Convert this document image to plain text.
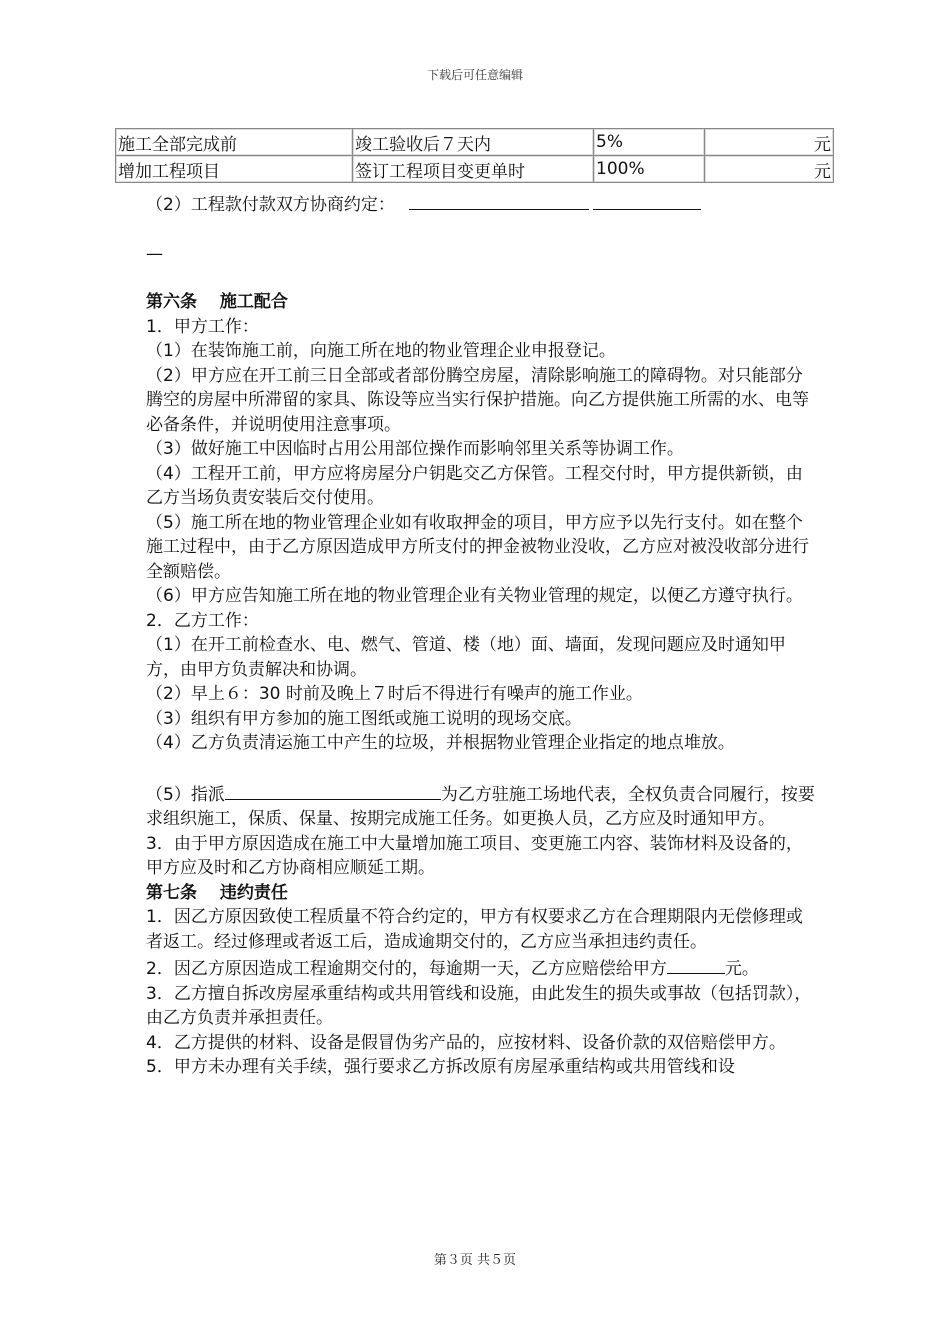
下载后可任意编辑
施工全部完成前	竣工验收后７天内	5%	元
增加工程项目	签订工程项目变更单时	100%	元

（2）工程款付款双方协商约定：

—

第六条　 施工配合

1．甲方工作：

（1）在装饰施工前，向施工所在地的物业管理企业申报登记。

（2）甲方应在开工前三日全部或者部份腾空房屋，清除影响施工的障碍物。对只能部分腾空的房屋中所滞留的家具、陈设等应当实行保护措施。向乙方提供施工所需的水、电等必备条件，并说明使用注意事项。

（3）做好施工中因临时占用公用部位操作而影响邻里关系等协调工作。

（4）工程开工前，甲方应将房屋分户钥匙交乙方保管。工程交付时，甲方提供新锁，由乙方当场负责安装后交付使用。

（5）施工所在地的物业管理企业如有收取押金的项目，甲方应予以先行支付。如在整个施工过程中，由于乙方原因造成甲方所支付的押金被物业没收，乙方应对被没收部分进行全额赔偿。

（6）甲方应告知施工所在地的物业管理企业有关物业管理的规定，以便乙方遵守执行。

2．乙方工作：

（1）在开工前检查水、电、燃气、管道、楼（地）面、墙面，发现问题应及时通知甲方，由甲方负责解决和协调。

（2）早上６：30 时前及晚上７时后不得进行有噪声的施工作业。

（3）组织有甲方参加的施工图纸或施工说明的现场交底。

（4）乙方负责清运施工中产生的垃圾，并根据物业管理企业指定的地点堆放。

（5）指派	为乙方驻施工场地代表，全权负责合同履行，按要求组织施工，保质、保量、按期完成施工任务。如更换人员，乙方应及时通知甲方。

3．由于甲方原因造成在施工中大量增加施工项目、变更施工内容、装饰材料及设备的，甲方应及时和乙方协商相应顺延工期。

第七条　 违约责任

1．因乙方原因致使工程质量不符合约定的，甲方有权要求乙方在合理期限内无偿修理或者返工。经过修理或者返工后，造成逾期交付的，乙方应当承担违约责任。

2．因乙方原因造成工程逾期交付的，每逾期一天，乙方应赔偿给甲方	元。

3．乙方擅自拆改房屋承重结构或共用管线和设施，由此发生的损失或事故（包括罚款），由乙方负责并承担责任。

4．乙方提供的材料、设备是假冒伪劣产品的，应按材料、设备价款的双倍赔偿甲方。

5．甲方未办理有关手续，强行要求乙方拆改原有房屋承重结构或共用管线和设

第３页 共５页
